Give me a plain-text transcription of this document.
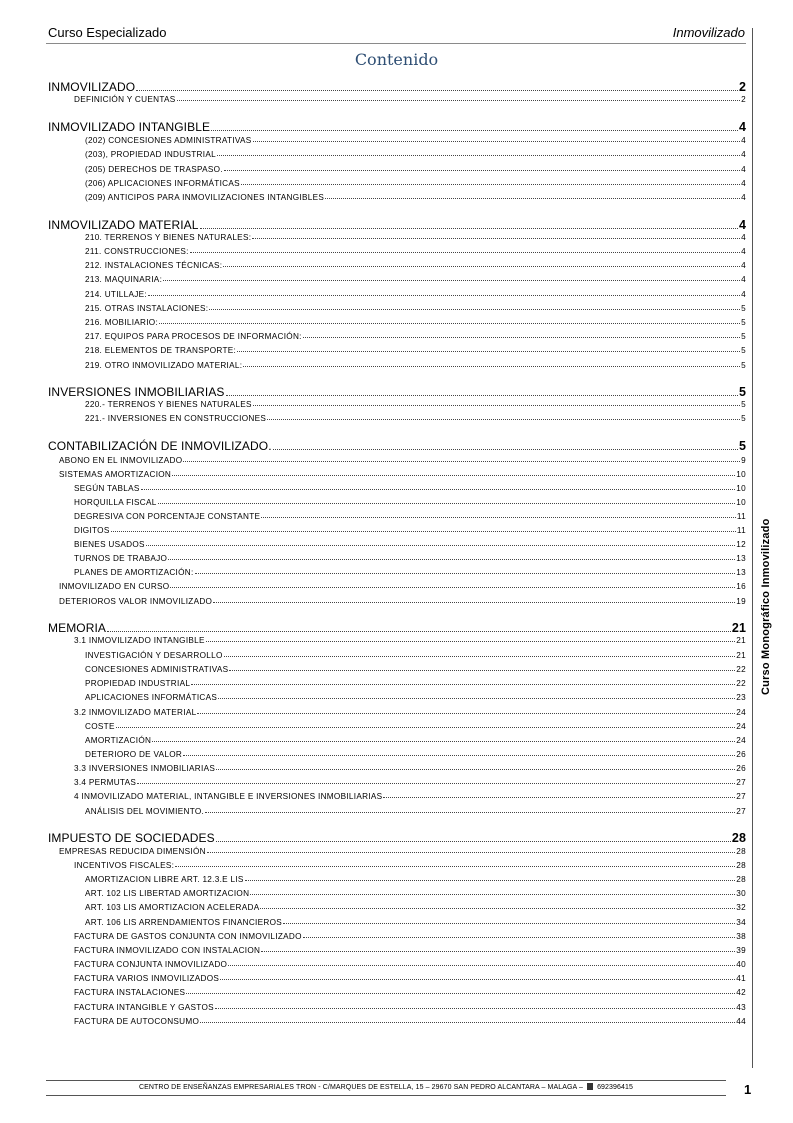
Curso Especializado	Inmovilizado
Curso Monográfico Inmovilizado
Contenido
INMOVILIZADO	2
DEFINICIÓN Y CUENTAS	2
INMOVILIZADO INTANGIBLE	4
(202) CONCESIONES ADMINISTRATIVAS	4
(203), PROPIEDAD INDUSTRIAL	4
(205) DERECHOS DE TRASPASO.	4
(206) APLICACIONES INFORMÁTICAS	4
(209) ANTICIPOS PARA INMOVILIZACIONES INTANGIBLES	4
INMOVILIZADO MATERIAL	4
210. TERRENOS Y BIENES NATURALES:	4
211. CONSTRUCCIONES:	4
212. INSTALACIONES TÉCNICAS:	4
213. MAQUINARIA:	4
214. UTILLAJE:	4
215. OTRAS INSTALACIONES:	5
216. MOBILIARIO:	5
217. EQUIPOS PARA PROCESOS DE INFORMACIÓN:	5
218. ELEMENTOS DE TRANSPORTE:	5
219. OTRO INMOVILIZADO MATERIAL:	5
INVERSIONES INMOBILIARIAS	5
220.- TERRENOS Y BIENES NATURALES	5
221.- INVERSIONES EN CONSTRUCCIONES	5
CONTABILIZACIÓN DE INMOVILIZADO.	5
ABONO EN EL INMOVILIZADO	9
SISTEMAS AMORTIZACION	10
SEGÚN TABLAS	10
HORQUILLA FISCAL	10
DEGRESIVA CON PORCENTAJE CONSTANTE	11
DIGITOS	11
BIENES USADOS	12
TURNOS DE TRABAJO	13
PLANES DE AMORTIZACIÓN:	13
INMOVILIZADO EN CURSO	16
DETERIOROS VALOR INMOVILIZADO	19
MEMORIA	21
3.1 INMOVILIZADO INTANGIBLE	21
INVESTIGACIÓN Y DESARROLLO	21
CONCESIONES ADMINISTRATIVAS	22
PROPIEDAD INDUSTRIAL	22
APLICACIONES INFORMÁTICAS	23
3.2 INMOVILIZADO MATERIAL	24
COSTE	24
AMORTIZACIÓN	24
DETERIORO DE VALOR	26
3.3 INVERSIONES INMOBILIARIAS	26
3.4 PERMUTAS	27
4 INMOVILIZADO MATERIAL, INTANGIBLE E INVERSIONES INMOBILIARIAS	27
ANÁLISIS DEL MOVIMIENTO.	27
IMPUESTO DE SOCIEDADES	28
EMPRESAS REDUCIDA DIMENSIÓN	28
INCENTIVOS FISCALES:	28
AMORTIZACION LIBRE ART. 12.3.E LIS	28
ART. 102 LIS LIBERTAD AMORTIZACION	30
ART. 103 LIS AMORTIZACION ACELERADA	32
ART. 106 LIS ARRENDAMIENTOS FINANCIEROS	34
FACTURA DE GASTOS CONJUNTA CON INMOVILIZADO	38
FACTURA INMOVILIZADO CON INSTALACION	39
FACTURA CONJUNTA INMOVILIZADO	40
FACTURA VARIOS INMOVILIZADOS	41
FACTURA INSTALACIONES	42
FACTURA INTANGIBLE Y GASTOS	43
FACTURA DE AUTOCONSUMO	44
CENTRO DE ENSEÑANZAS EMPRESARIALES TRON - C/MARQUES DE ESTELLA, 15 – 29670 SAN PEDRO ALCANTARA – MALAGA – 692396415	1
